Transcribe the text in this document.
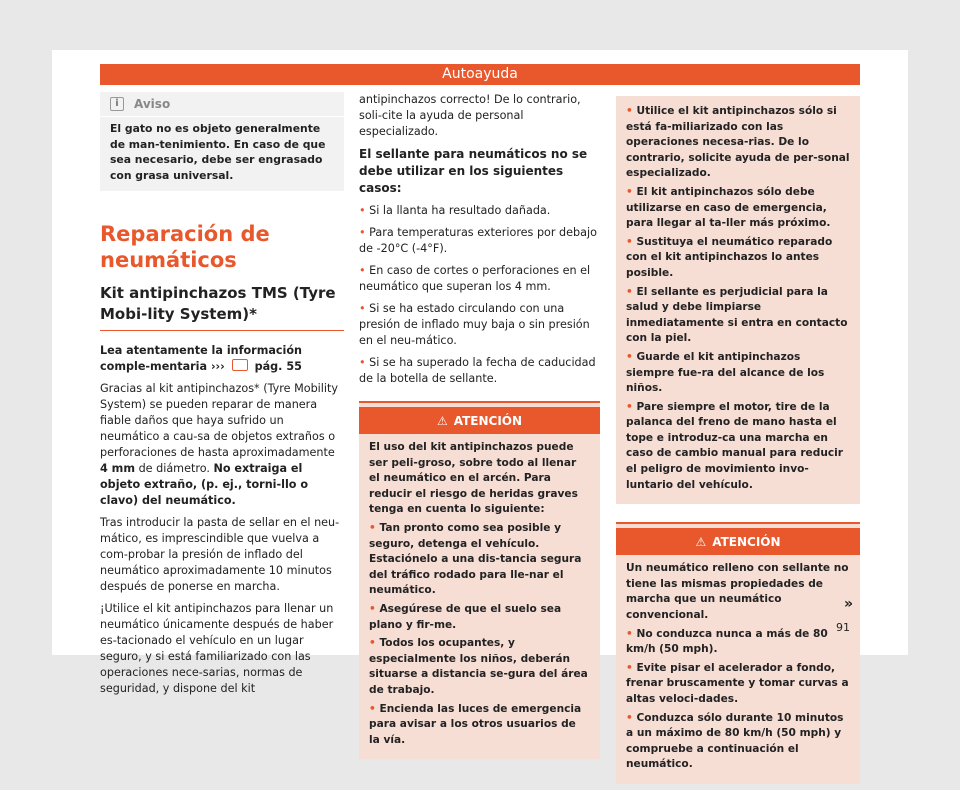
Autoayuda
i	Aviso
El gato no es objeto generalmente de man-tenimiento. En caso de que sea necesario, debe ser engrasado con grasa universal.
Reparación de neumáticos
Kit antipinchazos TMS (Tyre Mobi-lity System)*

Lea atentamente la información comple-mentaria ›››	pág. 55

Gracias al kit antipinchazos* (Tyre Mobility System) se pueden reparar de manera fiable daños que haya sufrido un neumático a cau-sa de objetos extraños o perforaciones de hasta aproximadamente 4 mm de diámetro. No extraiga el objeto extraño, (p. ej., torni-llo o clavo) del neumático.

Tras introducir la pasta de sellar en el neu-mático, es imprescindible que vuelva a com-probar la presión de inflado del neumático aproximadamente 10 minutos después de ponerse en marcha.

¡Utilice el kit antipinchazos para llenar un neumático únicamente después de haber es-tacionado el vehículo en un lugar seguro, y si está familiarizado con las operaciones nece-sarias, normas de seguridad, y dispone del kit

antipinchazos correcto! De lo contrario, soli-cite la ayuda de personal especializado.

El sellante para neumáticos no se debe utilizar en los siguientes casos:

• Si la llanta ha resultado dañada.

• Para temperaturas exteriores por debajo de -20°C (-4°F).

• En caso de cortes o perforaciones en el neumático que superan los 4 mm.

• Si se ha estado circulando con una presión de inflado muy baja o sin presión en el neu-mático.

• Si se ha superado la fecha de caducidad de la botella de sellante.

⚠ ATENCIÓN

El uso del kit antipinchazos puede ser peli-groso, sobre todo al llenar el neumático en el arcén. Para reducir el riesgo de heridas graves tenga en cuenta lo siguiente:

• Tan pronto como sea posible y seguro, detenga el vehículo. Estaciónelo a una dis-tancia segura del tráfico rodado para lle-nar el neumático.

• Asegúrese de que el suelo sea plano y fir-me.

• Todos los ocupantes, y especialmente los niños, deberán situarse a distancia se-gura del área de trabajo.

• Encienda las luces de emergencia para avisar a los otros usuarios de la vía.

• Utilice el kit antipinchazos sólo si está fa-miliarizado con las operaciones necesa-rias. De lo contrario, solicite ayuda de per-sonal especializado.

• El kit antipinchazos sólo debe utilizarse en caso de emergencia, para llegar al ta-ller más próximo.

• Sustituya el neumático reparado con el kit antipinchazos lo antes posible.

• El sellante es perjudicial para la salud y debe limpiarse inmediatamente si entra en contacto con la piel.

• Guarde el kit antipinchazos siempre fue-ra del alcance de los niños.

• Pare siempre el motor, tire de la palanca del freno de mano hasta el tope e introduz-ca una marcha en caso de cambio manual para reducir el peligro de movimiento invo-luntario del vehículo.

⚠ ATENCIÓN

Un neumático relleno con sellante no tiene las mismas propiedades de marcha que un neumático convencional.

• No conduzca nunca a más de 80 km/h (50 mph).

• Evite pisar el acelerador a fondo, frenar bruscamente y tomar curvas a altas veloci-dades.

• Conduzca sólo durante 10 minutos a un máximo de 80 km/h (50 mph) y compruebe a continuación el neumático.

»
91
